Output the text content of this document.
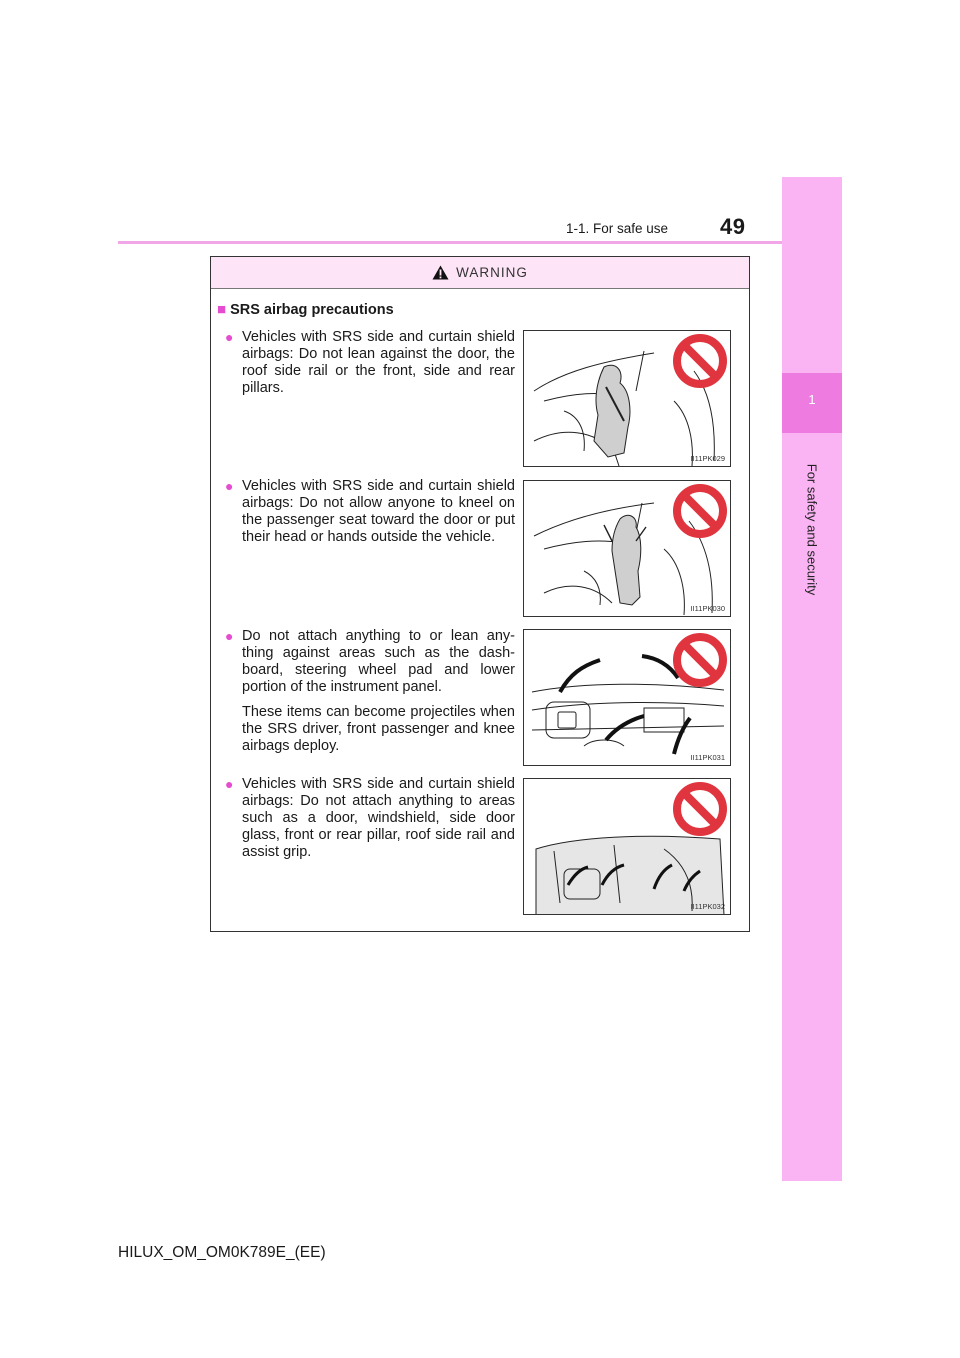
1-1. For safe use 49
1
For safety and security
WARNING
■ SRS airbag precautions
● Vehicles with SRS side and curtain shield airbags: Do not lean against the door, the roof side rail or the front, side and rear pillars.
II11PK029
● Vehicles with SRS side and curtain shield airbags: Do not allow anyone to kneel on the passenger seat toward the door or put their head or hands outside the vehicle.
II11PK030
● Do not attach anything to or lean any-thing against areas such as the dash-board, steering wheel pad and lower portion of the instrument panel.
These items can become projectiles when the SRS driver, front passenger and knee airbags deploy.
II11PK031
● Vehicles with SRS side and curtain shield airbags: Do not attach anything to areas such as a door, windshield, side door glass, front or rear pillar, roof side rail and assist grip.
II11PK032
HILUX_OM_OM0K789E_(EE)
